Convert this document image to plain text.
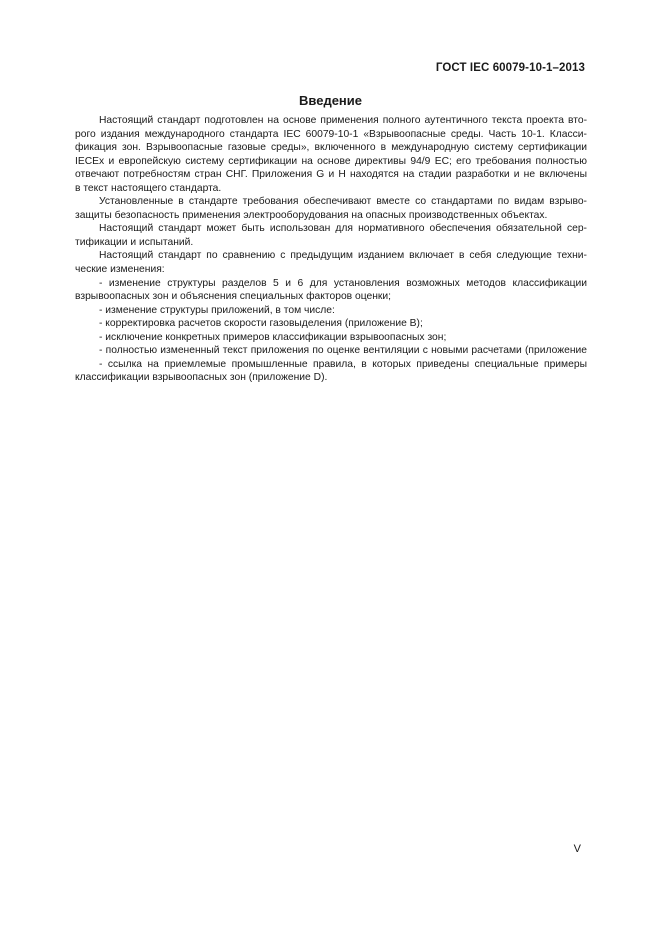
ГОСТ IEC 60079-10-1–2013
Введение
Настоящий стандарт подготовлен на основе применения полного аутентичного текста проекта вто-
рого издания международного стандарта IEC 60079-10-1 «Взрывоопасные среды. Часть 10-1. Класси-
фикация зон. Взрывоопасные газовые среды», включенного в международную систему сертификации
IECEx и европейскую систему сертификации на основе директивы 94/9 EC; его требования полностью
отвечают потребностям стран СНГ. Приложения G и Н находятся на стадии разработки и не включены
в текст настоящего стандарта.
Установленные в стандарте требования обеспечивают вместе со стандартами по видам взрыво-
защиты безопасность применения электрооборудования на опасных производственных объектах.
Настоящий стандарт может быть использован для нормативного обеспечения обязательной сер-
тификации и испытаний.
Настоящий стандарт по сравнению с предыдущим изданием включает в себя следующие техни-
ческие изменения:
- изменение структуры разделов 5 и 6 для установления возможных методов классификации
взрывоопасных зон и объяснения специальных факторов оценки;
- изменение структуры приложений, в том числе:
- корректировка расчетов скорости газовыделения (приложение В);
- исключение конкретных примеров классификации взрывоопасных зон;
- полностью измененный текст приложения по оценке вентиляции с новыми расчетами (приложение
- ссылка на приемлемые промышленные правила, в которых приведены специальные примеры
классификации взрывоопасных зон (приложение D).
V
